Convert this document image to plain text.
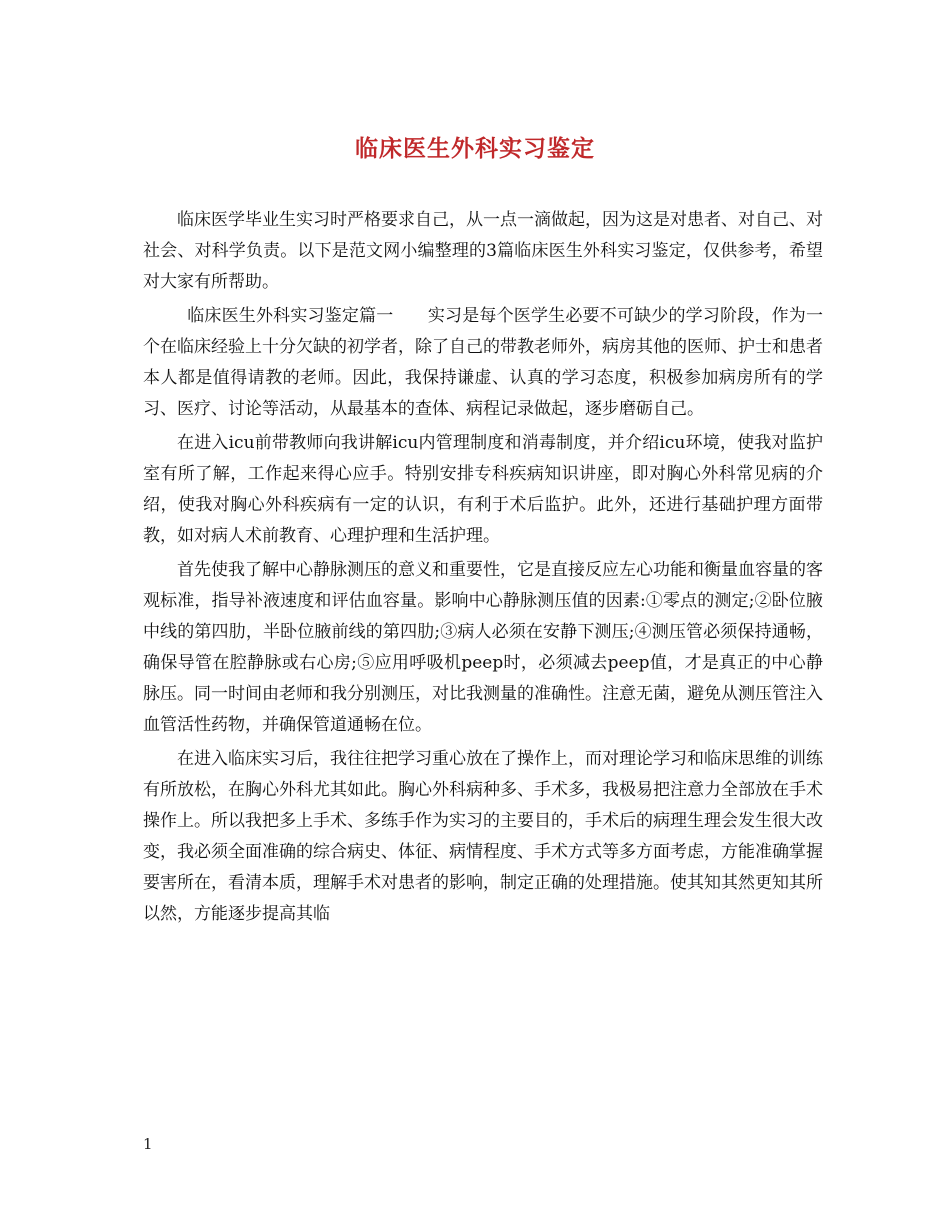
临床医生外科实习鉴定

临床医学毕业生实习时严格要求自己，从一点一滴做起，因为这是对患者、对自己、对社会、对科学负责。以下是范文网小编整理的3篇临床医生外科实习鉴定，仅供参考，希望对大家有所帮助。

临床医生外科实习鉴定篇一　　实习是每个医学生必要不可缺少的学习阶段，作为一个在临床经验上十分欠缺的初学者，除了自己的带教老师外，病房其他的医师、护士和患者本人都是值得请教的老师。因此，我保持谦虚、认真的学习态度，积极参加病房所有的学习、医疗、讨论等活动，从最基本的查体、病程记录做起，逐步磨砺自己。

在进入icu前带教师向我讲解icu内管理制度和消毒制度，并介绍icu环境，使我对监护室有所了解，工作起来得心应手。特别安排专科疾病知识讲座，即对胸心外科常见病的介绍，使我对胸心外科疾病有一定的认识，有利于术后监护。此外，还进行基础护理方面带教，如对病人术前教育、心理护理和生活护理。

首先使我了解中心静脉测压的意义和重要性，它是直接反应左心功能和衡量血容量的客观标准，指导补液速度和评估血容量。影响中心静脉测压值的因素:①零点的测定;②卧位腋中线的第四肋，半卧位腋前线的第四肋;③病人必须在安静下测压;④测压管必须保持通畅，确保导管在腔静脉或右心房;⑤应用呼吸机peep时，必须减去peep值，才是真正的中心静脉压。同一时间由老师和我分别测压，对比我测量的准确性。注意无菌，避免从测压管注入血管活性药物，并确保管道通畅在位。

在进入临床实习后，我往往把学习重心放在了操作上，而对理论学习和临床思维的训练有所放松，在胸心外科尤其如此。胸心外科病种多、手术多，我极易把注意力全部放在手术操作上。所以我把多上手术、多练手作为实习的主要目的，手术后的病理生理会发生很大改变，我必须全面准确的综合病史、体征、病情程度、手术方式等多方面考虑，方能准确掌握要害所在，看清本质，理解手术对患者的影响，制定正确的处理措施。使其知其然更知其所以然，方能逐步提高其临

1
